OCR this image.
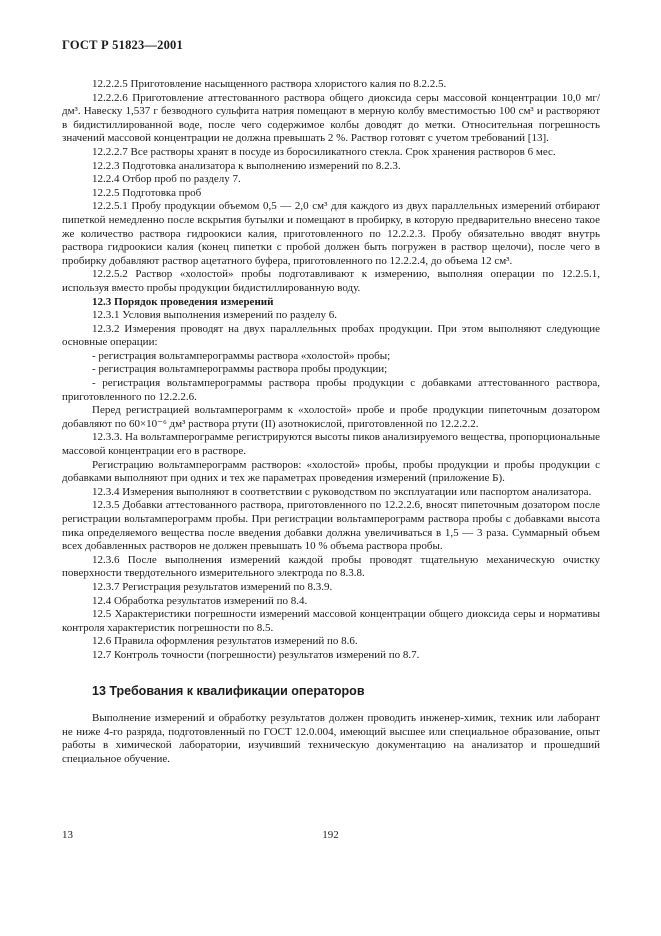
ГОСТ Р 51823—2001

12.2.2.5 Приготовление насыщенного раствора хлористого калия по 8.2.2.5.

12.2.2.6 Приготовление аттестованного раствора общего диоксида серы массовой концентрации 10,0 мг/дм³. Навеску 1,537 г безводного сульфита натрия помещают в мерную колбу вместимостью 100 см³ и растворяют в бидистиллированной воде, после чего содержимое колбы доводят до метки. Относительная погрешность значений массовой концентрации не должна превышать 2 %. Раствор готовят с учетом требований [13].

12.2.2.7 Все растворы хранят в посуде из боросиликатного стекла. Срок хранения растворов 6 мес.

12.2.3 Подготовка анализатора к выполнению измерений по 8.2.3.

12.2.4 Отбор проб по разделу 7.

12.2.5 Подготовка проб

12.2.5.1 Пробу продукции объемом 0,5 — 2,0 см³ для каждого из двух параллельных измерений отбирают пипеткой немедленно после вскрытия бутылки и помещают в пробирку, в которую предварительно внесено такое же количество раствора гидроокиси калия, приготовленного по 12.2.2.3. Пробу обязательно вводят внутрь раствора гидроокиси калия (конец пипетки с пробой должен быть погружен в раствор щелочи), после чего в пробирку добавляют раствор ацетатного буфера, приготовленного по 12.2.2.4, до объема 12 см³.

12.2.5.2 Раствор «холостой» пробы подготавливают к измерению, выполняя операции по 12.2.5.1, используя вместо пробы продукции бидистиллированную воду.

12.3 Порядок проведения измерений

12.3.1 Условия выполнения измерений по разделу 6.

12.3.2 Измерения проводят на двух параллельных пробах продукции. При этом выполняют следующие основные операции:

- регистрация вольтамперограммы раствора «холостой» пробы;

- регистрация вольтамперограммы раствора пробы продукции;

- регистрация вольтамперограммы раствора пробы продукции с добавками аттестованного раствора, приготовленного по 12.2.2.6.

Перед регистрацией вольтамперограмм к «холостой» пробе и пробе продукции пипеточным дозатором добавляют по 60×10⁻⁶ дм³ раствора ртути (II) азотнокислой, приготовленной по 12.2.2.2.

12.3.3. На вольтамперограмме регистрируются высоты пиков анализируемого вещества, пропорциональные массовой концентрации его в растворе.

Регистрацию вольтамперограмм растворов: «холостой» пробы, пробы продукции и пробы продукции с добавками выполняют при одних и тех же параметрах проведения измерений (приложение Б).

12.3.4 Измерения выполняют в соответствии с руководством по эксплуатации или паспортом анализатора.

12.3.5 Добавки аттестованного раствора, приготовленного по 12.2.2.6, вносят пипеточным дозатором после регистрации вольтамперограмм пробы. При регистрации вольтамперограмм раствора пробы с добавками высота пика определяемого вещества после введения добавки должна увеличиваться в 1,5 — 3 раза. Суммарный объем всех добавленных растворов не должен превышать 10 % объема раствора пробы.

12.3.6 После выполнения измерений каждой пробы проводят тщательную механическую очистку поверхности твердотельного измерительного электрода по 8.3.8.

12.3.7 Регистрация результатов измерений по 8.3.9.

12.4 Обработка результатов измерений по 8.4.

12.5 Характеристики погрешности измерений массовой концентрации общего диоксида серы и нормативы контроля характеристик погрешности по 8.5.

12.6 Правила оформления результатов измерений по 8.6.

12.7 Контроль точности (погрешности) результатов измерений по 8.7.

13 Требования к квалификации операторов

Выполнение измерений и обработку результатов должен проводить инженер-химик, техник или лаборант не ниже 4-го разряда, подготовленный по ГОСТ 12.0.004, имеющий высшее или специальное образование, опыт работы в химической лаборатории, изучивший техническую документацию на анализатор и прошедший специальное обучение.

13	192
